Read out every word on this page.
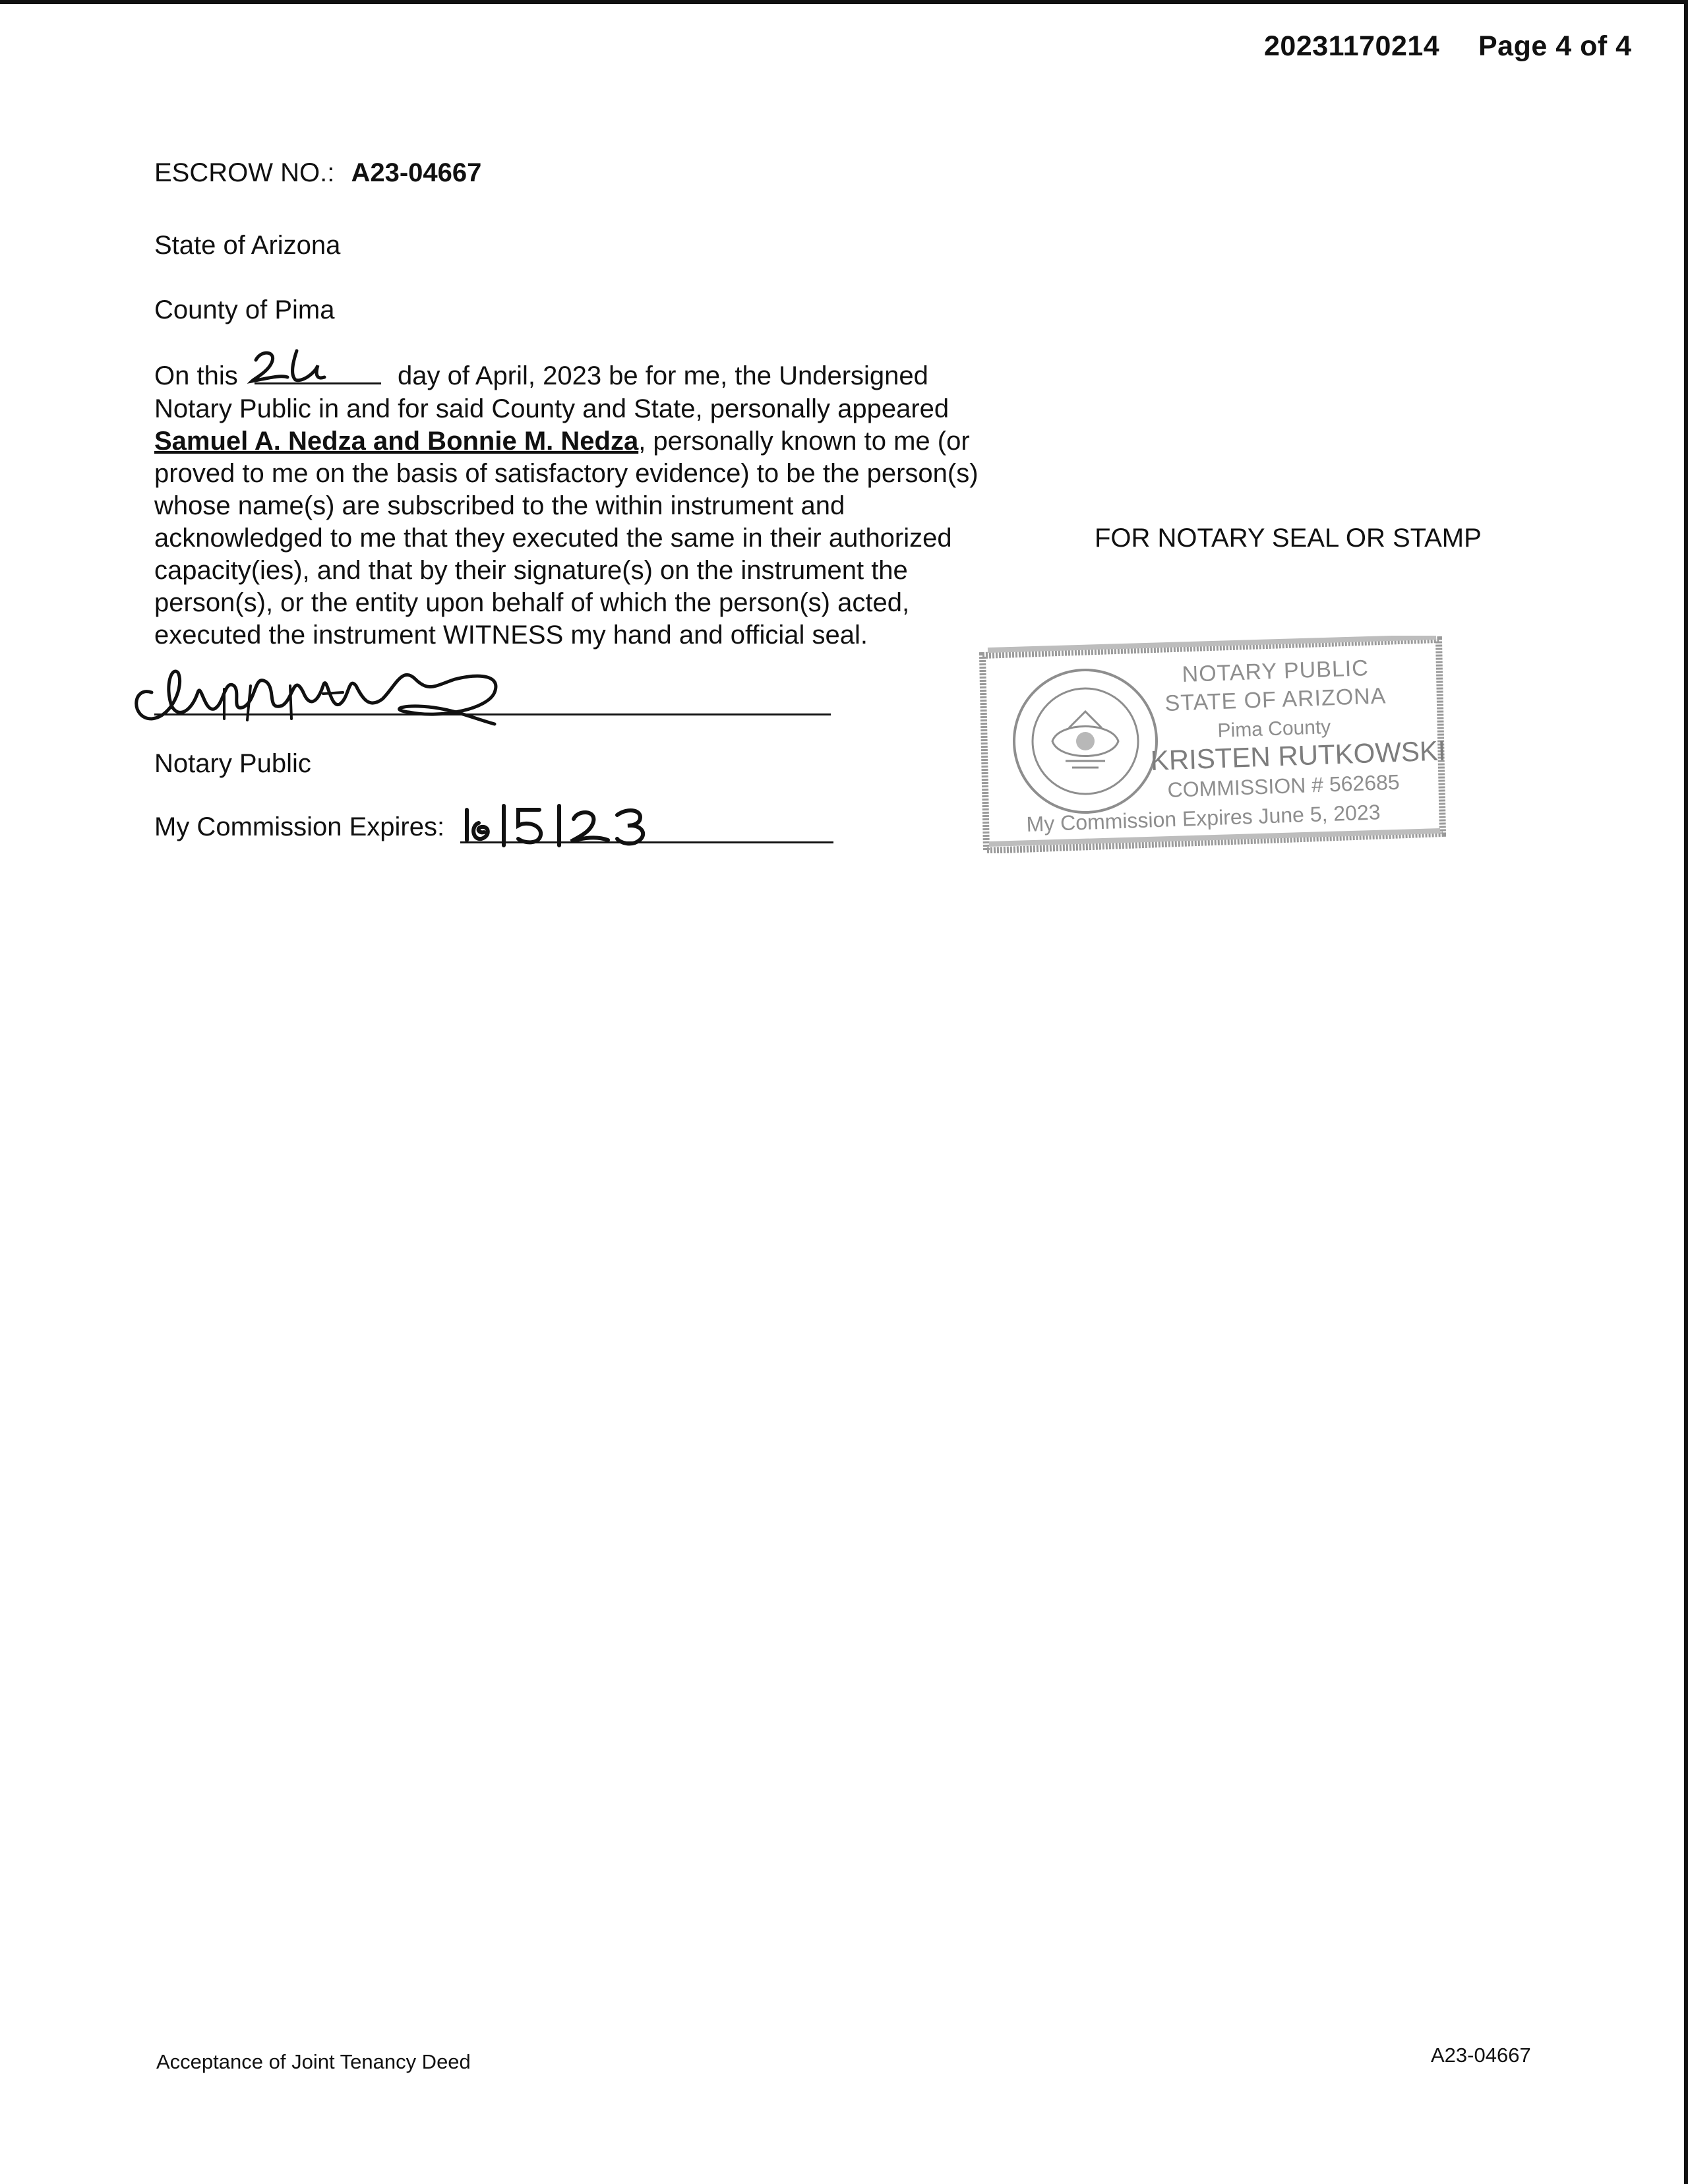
20231170214 Page 4 of 4
ESCROW NO.: A23-04667
State of Arizona
County of Pima
On this	day of April, 2023 be for me, the Undersigned
Notary Public in and for said County and State, personally appeared
Samuel A. Nedza and Bonnie M. Nedza, personally known to me (or
proved to me on the basis of satisfactory evidence) to be the person(s)
whose name(s) are subscribed to the within instrument and
acknowledged to me that they executed the same in their authorized
capacity(ies), and that by their signature(s) on the instrument the
person(s), or the entity upon behalf of which the person(s) acted,
executed the instrument WITNESS my hand and official seal.
FOR NOTARY SEAL OR STAMP
Notary Public
My Commission Expires:
NOTARY PUBLIC
STATE OF ARIZONA
Pima County
KRISTEN RUTKOWSKI
COMMISSION # 562685
My Commission Expires June 5, 2023
Acceptance of Joint Tenancy Deed	A23-04667
